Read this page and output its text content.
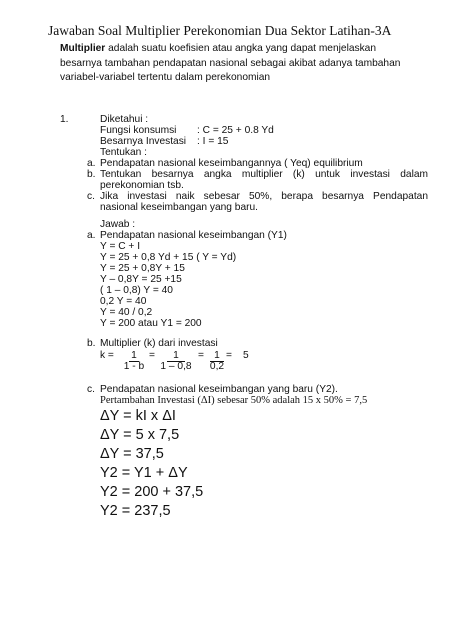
Jawaban Soal Multiplier Perekonomian Dua Sektor Latihan-3A
Multiplier adalah suatu koefisien atau angka yang dapat menjelaskan besarnya tambahan pendapatan nasional sebagai akibat adanya tambahan variabel-variabel tertentu dalam perekonomian
1.	Diketahui :
Fungsi konsumsi : C = 25 + 0.8 Yd
Besarnya Investasi : I = 15
Tentukan :
a. Pendapatan nasional keseimbangannya ( Yeq) equilibrium
b. Tentukan besarnya angka multiplier (k) untuk investasi dalam
perekonomian tsb.
c. Jika investasi naik sebesar 50%, berapa besarnya Pendapatan
nasional keseimbangan yang baru.
Jawab :
a. Pendapatan nasional keseimbangan (Y1)
Y = C + I
Y = 25 + 0,8 Yd + 15 ( Y = Yd)
Y = 25 + 0,8Y + 15
Y – 0,8Y = 25 +15
( 1 – 0,8) Y = 40
0,2 Y = 40
Y = 40 / 0,2
Y = 200 atau Y1 = 200
b. Multiplier (k) dari investasi
k =	1
1 - b
=	1
1 – 0,8
=	1
0,2
= 5
c. Pendapatan nasional keseimbangan yang baru (Y2).
Pertambahan Investasi (ΔI) sebesar 50% adalah 15 x 50% = 7,5
ΔY = kI x ΔI
ΔY = 5 x 7,5
ΔY = 37,5
Y2 = Y1 + ΔY
Y2 = 200 + 37,5
Y2 = 237,5
